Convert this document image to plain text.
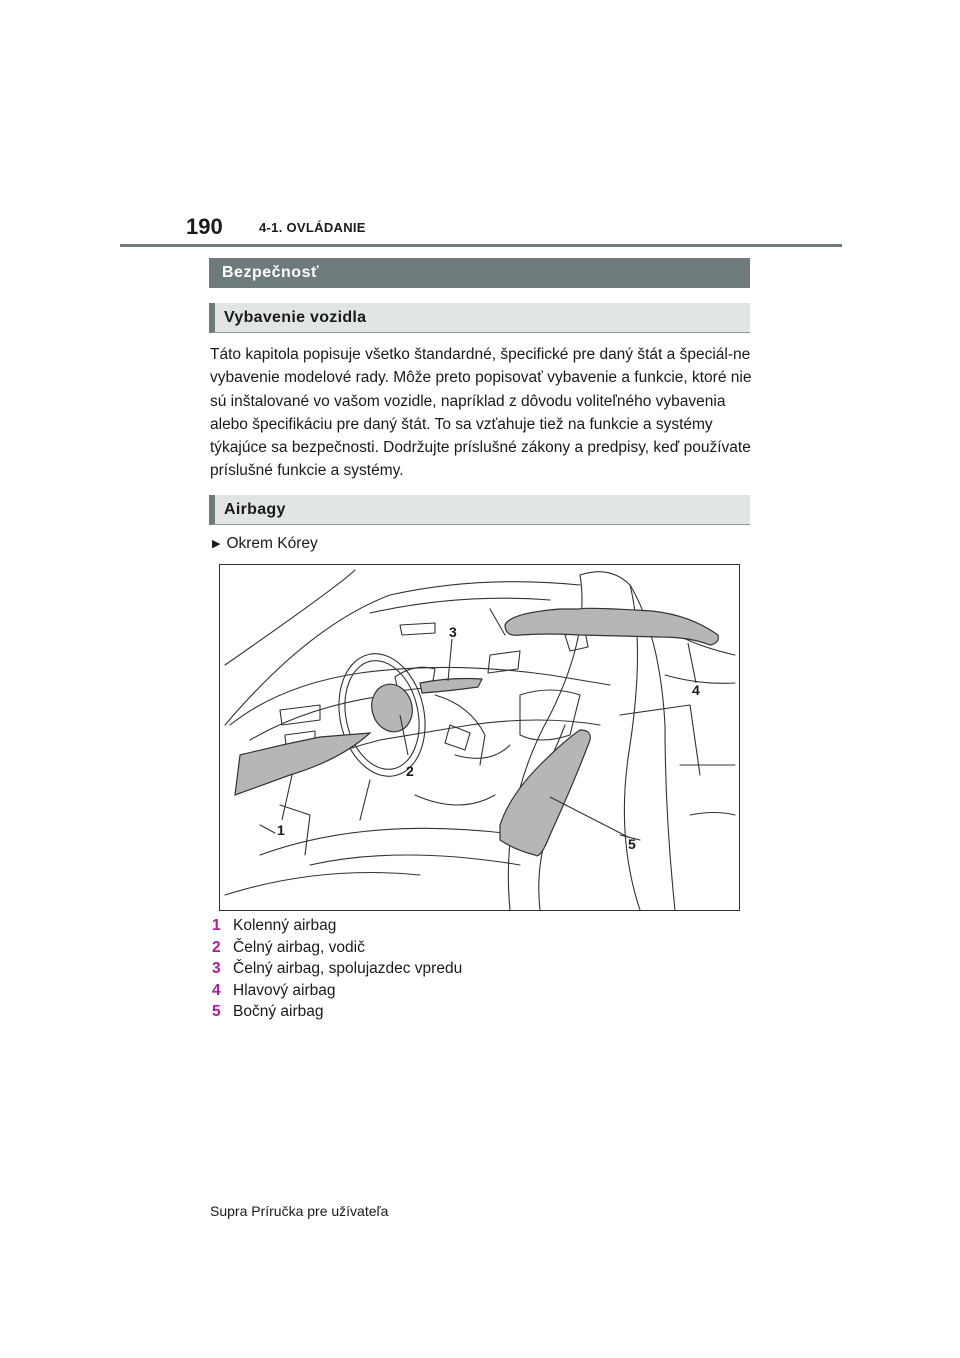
190	4-1. OVLÁDANIE
Bezpečnosť
Vybavenie vozidla

Táto kapitola popisuje všetko štandardné, špecifické pre daný štát a špeciál-ne vybavenie modelové rady. Môže preto popisovať vybavenie a funkcie, ktoré nie sú inštalované vo vašom vozidle, napríklad z dôvodu voliteľného vybavenia alebo špecifikáciu pre daný štát. To sa vzťahuje tiež na funkcie a systémy týkajúce sa bezpečnosti. Dodržujte príslušné zákony a predpisy, keď používate príslušné funkcie a systémy.

Airbagy
▶ Okrem Kórey
1
2
3
4
5
1 Kolenný airbag
2 Čelný airbag, vodič
3 Čelný airbag, spolujazdec vpredu
4 Hlavový airbag
5 Bočný airbag
Supra Príručka pre užívateľa
